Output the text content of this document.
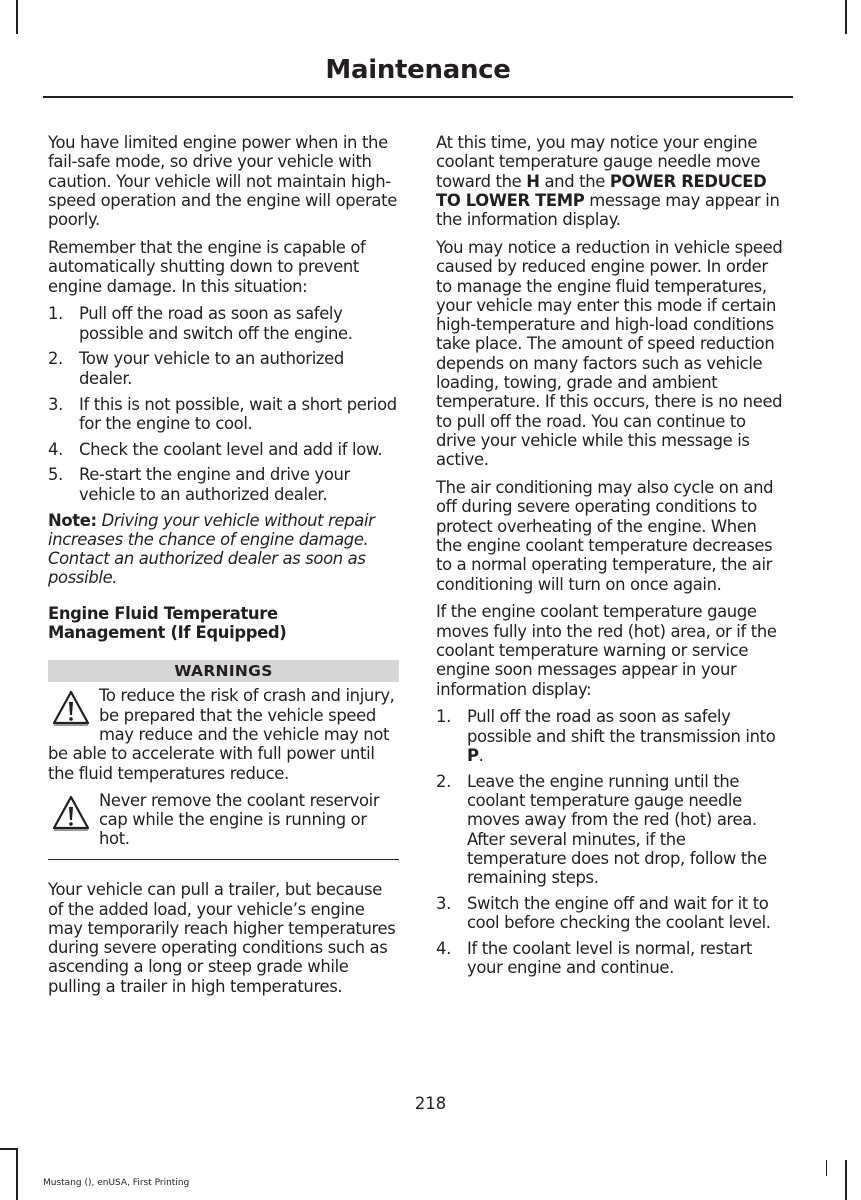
Maintenance

You have limited engine power when in the fail-safe mode, so drive your vehicle with caution. Your vehicle will not maintain high-speed operation and the engine will operate poorly.

Remember that the engine is capable of automatically shutting down to prevent engine damage. In this situation:

1. Pull off the road as soon as safely possible and switch off the engine.
2. Tow your vehicle to an authorized dealer.
3. If this is not possible, wait a short period for the engine to cool.
4. Check the coolant level and add if low.
5. Re-start the engine and drive your vehicle to an authorized dealer.

Note: Driving your vehicle without repair increases the chance of engine damage. Contact an authorized dealer as soon as possible.

Engine Fluid Temperature
Management (If Equipped)
WARNINGS

To reduce the risk of crash and injury, be prepared that the vehicle speed may reduce and the vehicle may not be able to accelerate with full power until the fluid temperatures reduce.

Never remove the coolant reservoir cap while the engine is running or hot.

Your vehicle can pull a trailer, but because of the added load, your vehicle’s engine may temporarily reach higher temperatures during severe operating conditions such as ascending a long or steep grade while pulling a trailer in high temperatures.

At this time, you may notice your engine coolant temperature gauge needle move toward the H and the POWER REDUCED TO LOWER TEMP message may appear in the information display.

You may notice a reduction in vehicle speed caused by reduced engine power. In order to manage the engine fluid temperatures, your vehicle may enter this mode if certain high-temperature and high-load conditions take place. The amount of speed reduction depends on many factors such as vehicle loading, towing, grade and ambient temperature. If this occurs, there is no need to pull off the road. You can continue to drive your vehicle while this message is active.

The air conditioning may also cycle on and off during severe operating conditions to protect overheating of the engine. When the engine coolant temperature decreases to a normal operating temperature, the air conditioning will turn on once again.

If the engine coolant temperature gauge moves fully into the red (hot) area, or if the coolant temperature warning or service engine soon messages appear in your information display:

1. Pull off the road as soon as safely possible and shift the transmission into P.
2. Leave the engine running until the coolant temperature gauge needle moves away from the red (hot) area. After several minutes, if the temperature does not drop, follow the remaining steps.
3. Switch the engine off and wait for it to cool before checking the coolant level.
4. If the coolant level is normal, restart your engine and continue.
218
Mustang (), enUSA, First Printing
